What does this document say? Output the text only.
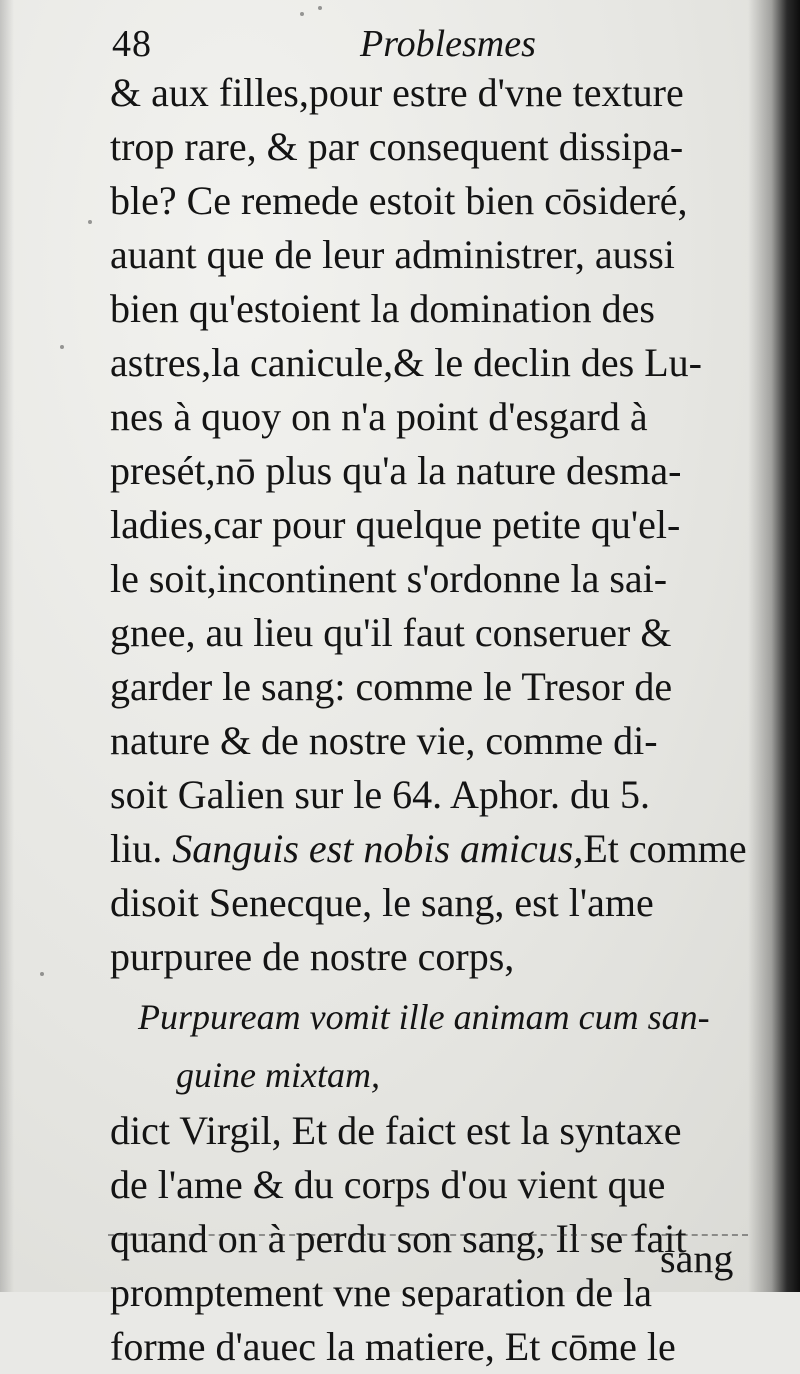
48	Problesmes
& aux filles,pour estre d'vne texture
trop rare, & par consequent dissipa-
ble? Ce remede estoit bien cōsideré,
auant que de leur administrer, aussi
bien qu'estoient la domination des
astres,la canicule,& le declin des Lu-
nes à quoy on n'a point d'esgard à
presét,nō plus qu'a la nature desma-
ladies,car pour quelque petite qu'el-
le soit,incontinent s'ordonne la sai-
gnee, au lieu qu'il faut conseruer &
garder le sang: comme le Tresor de
nature & de nostre vie, comme di-
soit Galien sur le 64. Aphor. du 5.
liu. Sanguis est nobis amicus,Et comme
disoit Senecque, le sang, est l'ame
purpuree de nostre corps,
Purpuream vomit ille animam cum san-
guine mixtam,
dict Virgil, Et de faict est la syntaxe
de l'ame & du corps d'ou vient que
quand on à perdu son sang, Il se fait
promptement vne separation de la
forme d'auec la matiere, Et cōme le
sang
